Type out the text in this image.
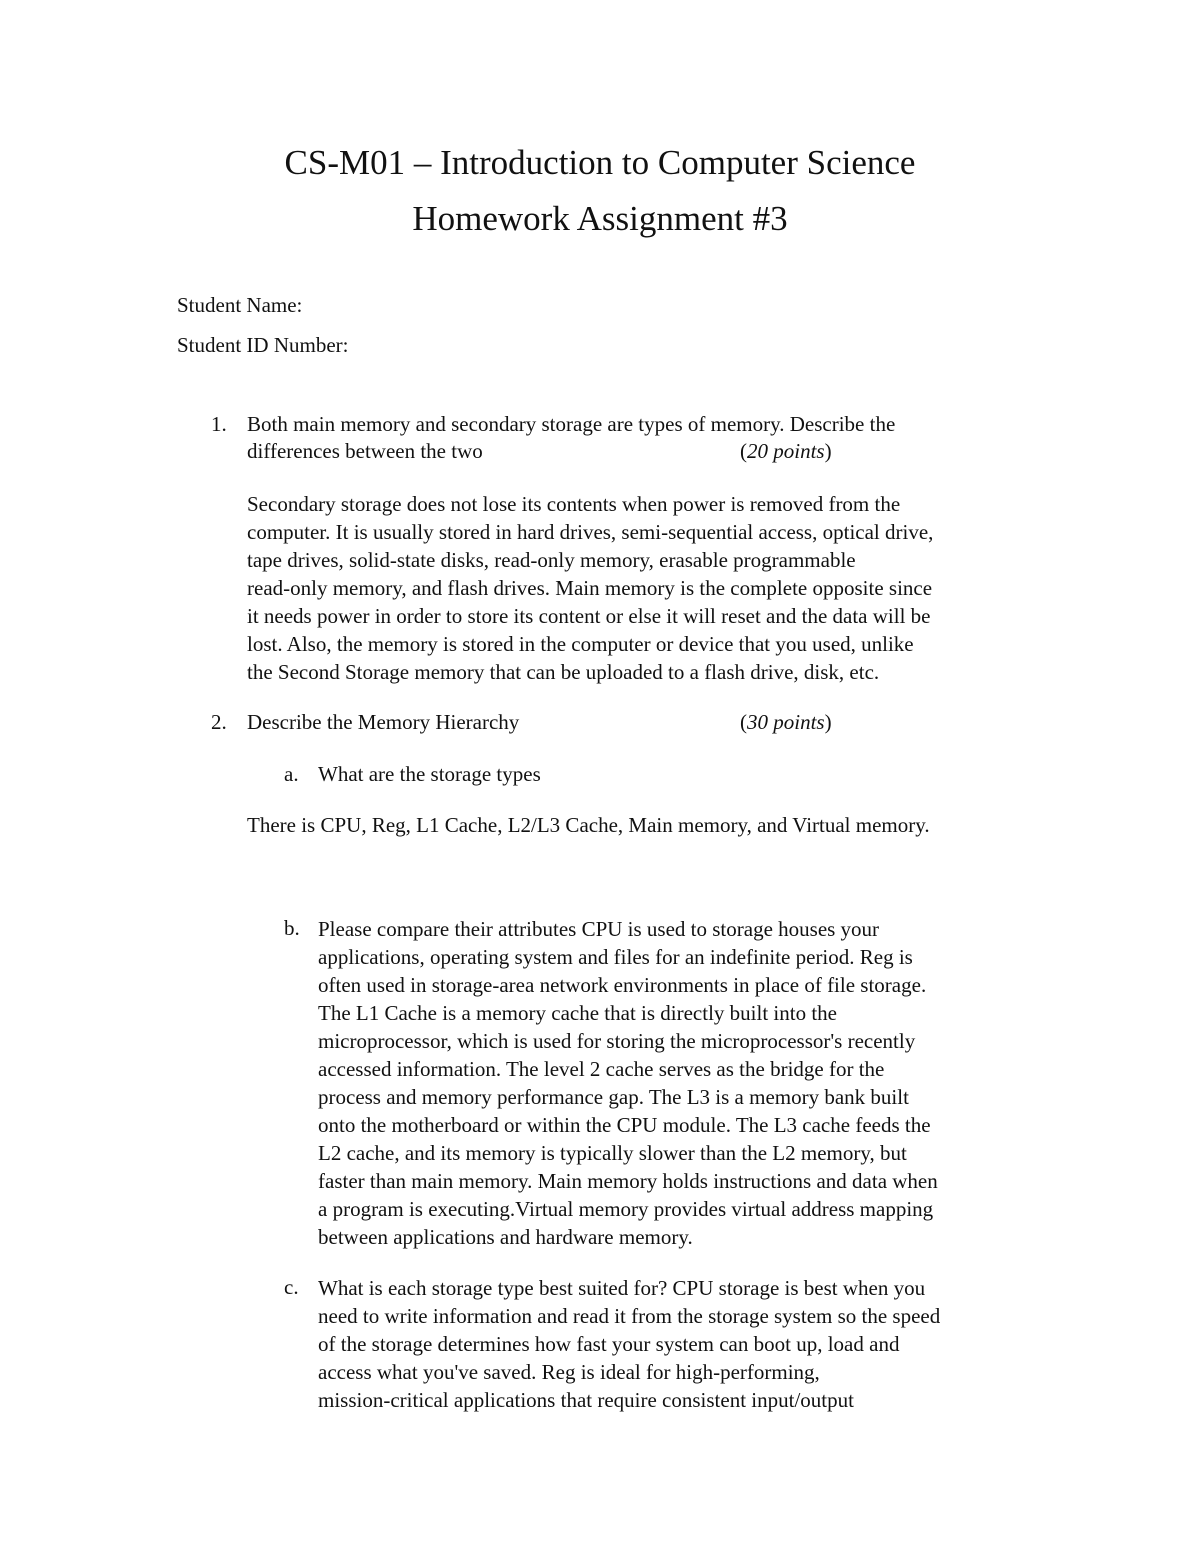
CS-M01 – Introduction to Computer Science
Homework Assignment #3
Student Name:
Student ID Number:
1. Both main memory and secondary storage are types of memory. Describe the
differences between the two	(20 points)
Secondary storage does not lose its contents when power is removed from the
computer. It is usually stored in hard drives, semi-sequential access, optical drive,
tape drives, solid-state disks, read-only memory, erasable programmable
read-only memory, and flash drives. Main memory is the complete opposite since
it needs power in order to store its content or else it will reset and the data will be
lost. Also, the memory is stored in the computer or device that you used, unlike
the Second Storage memory that can be uploaded to a flash drive, disk, etc.
2. Describe the Memory Hierarchy	(30 points)
a. What are the storage types
There is CPU, Reg, L1 Cache, L2/L3 Cache, Main memory, and Virtual memory.
b. Please compare their attributes CPU is used to storage houses your
applications, operating system and files for an indefinite period. Reg is
often used in storage-area network environments in place of file storage.
The L1 Cache is a memory cache that is directly built into the
microprocessor, which is used for storing the microprocessor's recently
accessed information. The level 2 cache serves as the bridge for the
process and memory performance gap. The L3 is a memory bank built
onto the motherboard or within the CPU module. The L3 cache feeds the
L2 cache, and its memory is typically slower than the L2 memory, but
faster than main memory. Main memory holds instructions and data when
a program is executing.Virtual memory provides virtual address mapping
between applications and hardware memory.
c. What is each storage type best suited for? CPU storage is best when you
need to write information and read it from the storage system so the speed
of the storage determines how fast your system can boot up, load and
access what you've saved. Reg is ideal for high-performing,
mission-critical applications that require consistent input/output
